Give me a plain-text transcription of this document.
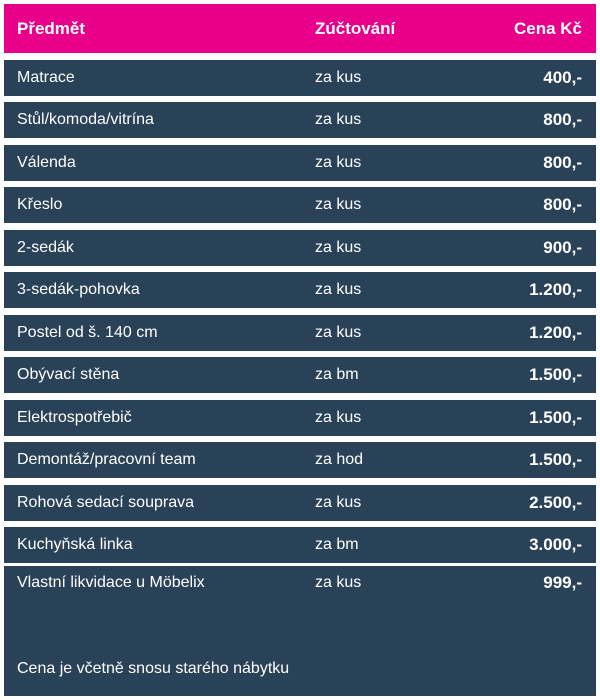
Předmět	Zúčtování	Cena Kč
Matrace	za kus	400,-
Stůl/komoda/vitrína	za kus	800,-
Válenda	za kus	800,-
Křeslo	za kus	800,-
2-sedák	za kus	900,-
3-sedák-pohovka	za kus	1.200,-
Postel od š. 140 cm	za kus	1.200,-
Obývací stěna	za bm	1.500,-
Elektrospotřebič	za kus	1.500,-
Demontáž/pracovní team	za hod	1.500,-
Rohová sedací souprava	za kus	2.500,-
Kuchyňská linka	za bm	3.000,-
Vlastní likvidace u Möbelix	za kus	999,-
Cena je včetně snosu starého nábytku
